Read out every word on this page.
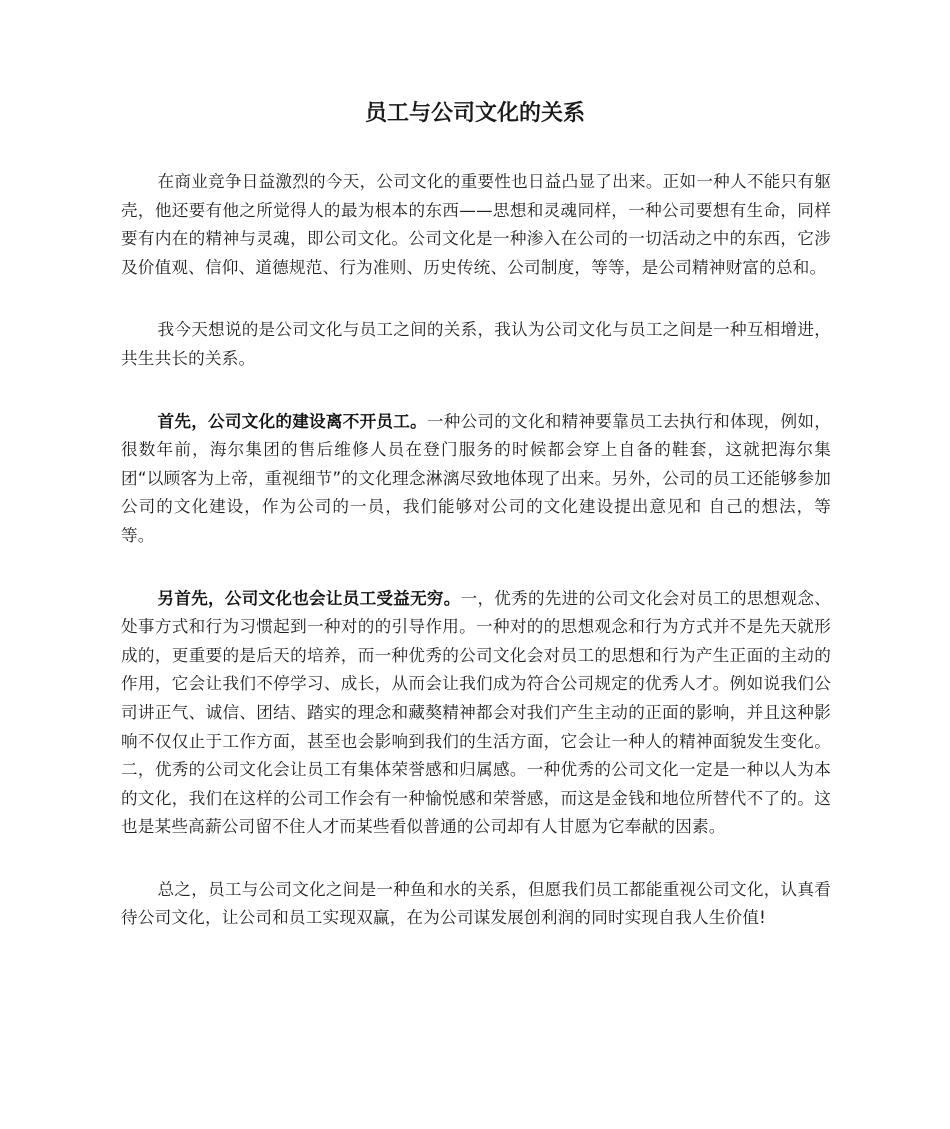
员工与公司文化的关系

在商业竞争日益激烈的今天，公司文化的重要性也日益凸显了出来。正如一种人不能只有躯壳，他还要有他之所觉得人的最为根本的东西——思想和灵魂同样，一种公司要想有生命，同样要有内在的精神与灵魂，即公司文化。公司文化是一种渗入在公司的一切活动之中的东西，它涉及价值观、信仰、道德规范、行为准则、历史传统、公司制度，等等，是公司精神财富的总和。

我今天想说的是公司文化与员工之间的关系，我认为公司文化与员工之间是一种互相增进，共生共长的关系。

首先，公司文化的建设离不开员工。一种公司的文化和精神要靠员工去执行和体现，例如，很数年前，海尔集团的售后维修人员在登门服务的时候都会穿上自备的鞋套，这就把海尔集团“以顾客为上帝，重视细节”的文化理念淋漓尽致地体现了出来。另外，公司的员工还能够参加公司的文化建设，作为公司的一员，我们能够对公司的文化建设提出意见和 自己的想法，等等。

另首先，公司文化也会让员工受益无穷。一，优秀的先进的公司文化会对员工的思想观念、处事方式和行为习惯起到一种对的的引导作用。一种对的的思想观念和行为方式并不是先天就形成的，更重要的是后天的培养，而一种优秀的公司文化会对员工的思想和行为产生正面的主动的作用，它会让我们不停学习、成长，从而会让我们成为符合公司规定的优秀人才。例如说我们公司讲正气、诚信、团结、踏实的理念和藏獒精神都会对我们产生主动的正面的影响，并且这种影响不仅仅止于工作方面，甚至也会影响到我们的生活方面，它会让一种人的精神面貌发生变化。二，优秀的公司文化会让员工有集体荣誉感和归属感。一种优秀的公司文化一定是一种以人为本的文化，我们在这样的公司工作会有一种愉悦感和荣誉感，而这是金钱和地位所替代不了的。这也是某些高薪公司留不住人才而某些看似普通的公司却有人甘愿为它奉献的因素。

总之，员工与公司文化之间是一种鱼和水的关系，但愿我们员工都能重视公司文化，认真看待公司文化，让公司和员工实现双赢，在为公司谋发展创利润的同时实现自我人生价值!
